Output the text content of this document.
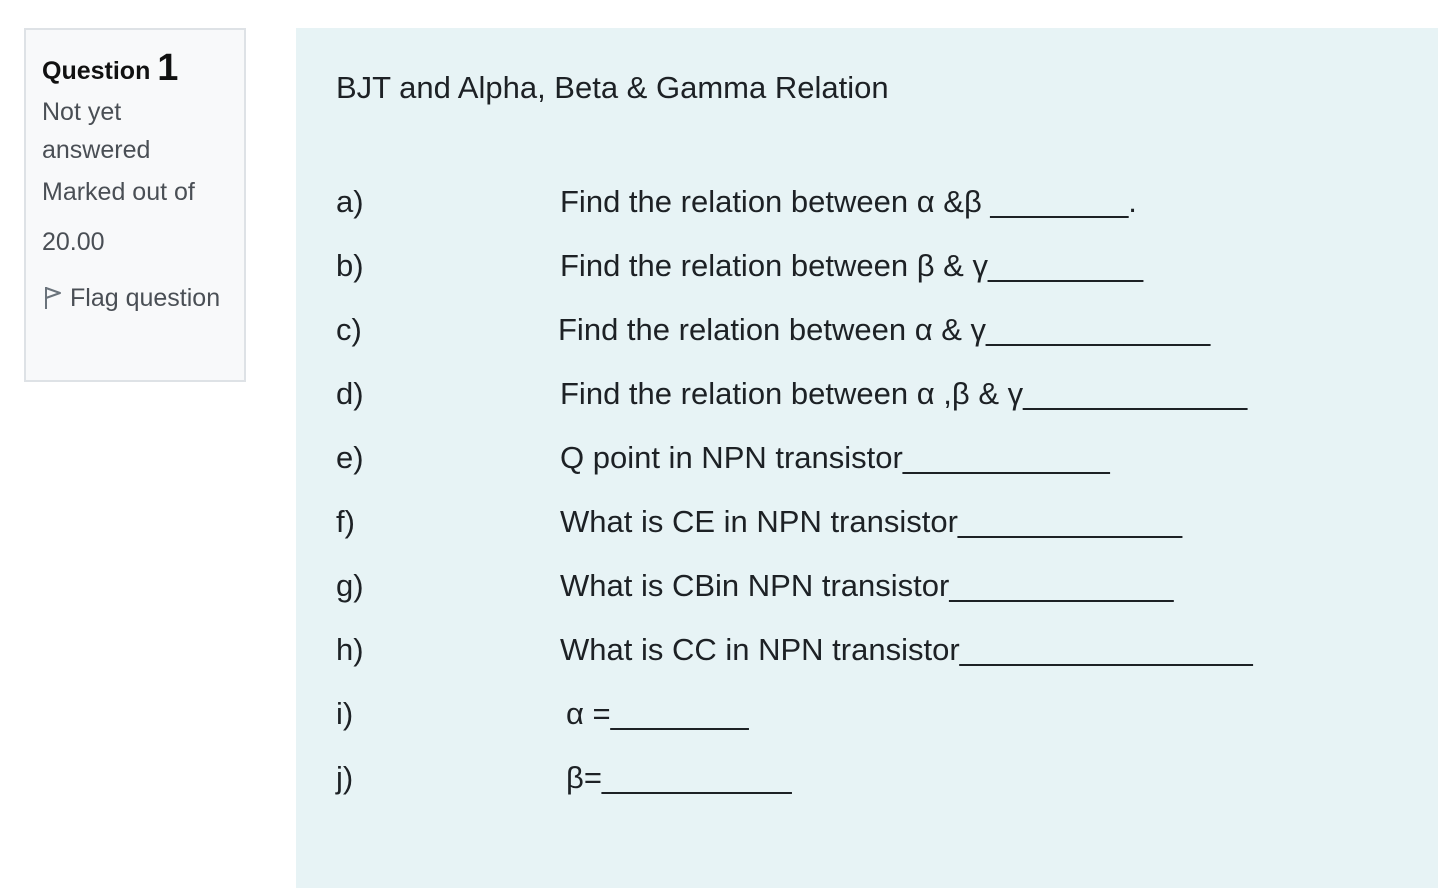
Question 1
Not yet answered
Marked out of
20.00
Flag question
BJT and Alpha, Beta & Gamma Relation
a)	Find the relation between α &β ________.
b)	Find the relation between β & γ_________
c)	Find the relation between α & γ_____________
d)	Find the relation between α ,β & γ_____________
e)	Q point in NPN transistor____________
f)	What is CE in NPN transistor_____________
g)	What is CBin NPN transistor_____________
h)	What is CC in NPN transistor_________________
i)	α =________
j)	β=___________
